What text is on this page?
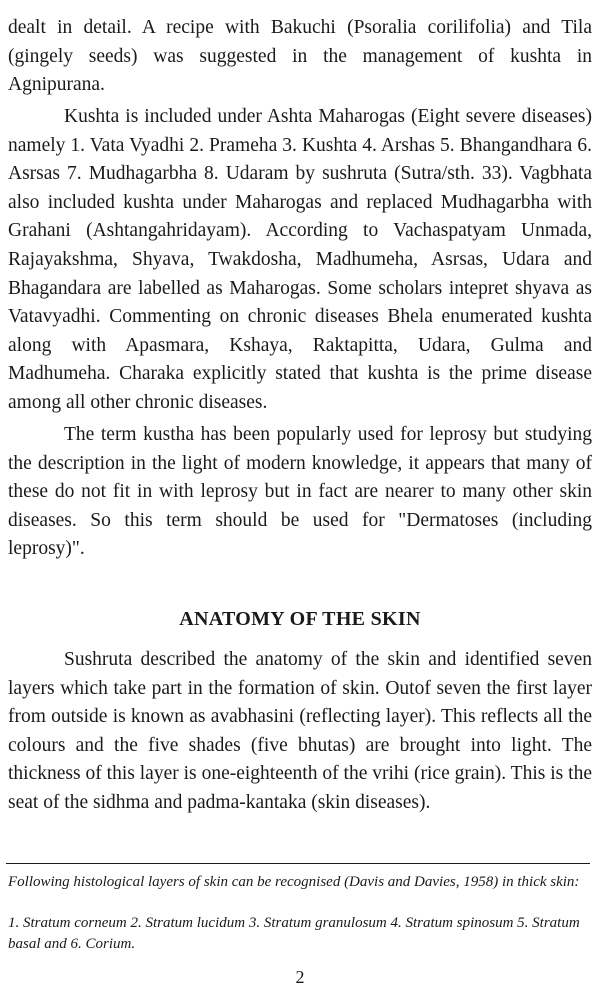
dealt in detail. A recipe with Bakuchi (Psoralia corilifolia) and Tila (gingely seeds) was suggested in the management of kushta in Agnipurana.

Kushta is included under Ashta Maharogas (Eight severe diseases) namely 1. Vata Vyadhi 2. Prameha 3. Kushta 4. Arshas 5. Bhangandhara 6. Asrsas 7. Mudhagarbha 8. Udaram by sushruta (Sutra/sth. 33). Vagbhata also included kushta under Maharogas and replaced Mudhagarbha with Grahani (Ashtangahridayam). According to Vachaspatyam Unmada, Rajayakshma, Shyava, Twakdosha, Madhumeha, Asrsas, Udara and Bhagandara are labelled as Maharogas. Some scholars intepret shyava as Vatavyadhi. Commenting on chronic diseases Bhela enumerated kushta along with Apasmara, Kshaya, Raktapitta, Udara, Gulma and Madhumeha. Charaka explicitly stated that kushta is the prime disease among all other chronic diseases.

The term kustha has been popularly used for leprosy but studying the description in the light of modern knowledge, it appears that many of these do not fit in with leprosy but in fact are nearer to many other skin diseases. So this term should be used for "Dermatoses (including leprosy)".

ANATOMY OF THE SKIN

Sushruta described the anatomy of the skin and identified seven layers which take part in the formation of skin. Outof seven the first layer from outside is known as avabhasini (reflecting layer). This reflects all the colours and the five shades (five bhutas) are brought into light. The thickness of this layer is one-eighteenth of the vrihi (rice grain). This is the seat of the sidhma and padma-kantaka (skin diseases).

Following histological layers of skin can be recognised (Davis and Davies, 1958) in thick skin:

1. Stratum corneum 2. Stratum lucidum 3. Stratum granulosum 4. Stratum spinosum 5. Stratum basal and 6. Corium.

2
